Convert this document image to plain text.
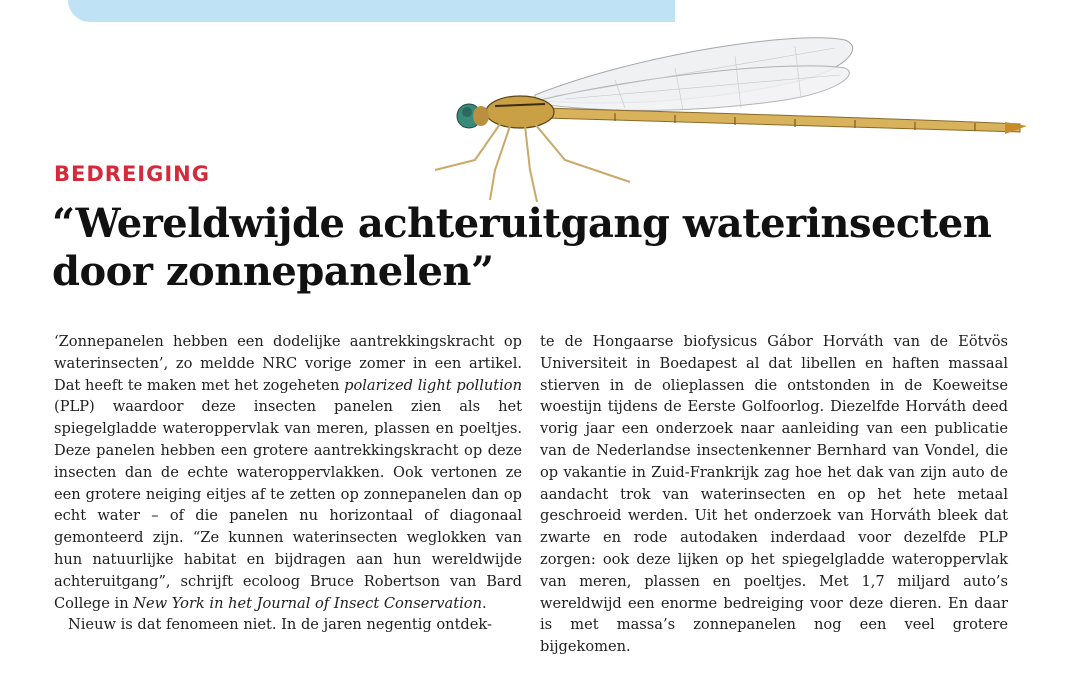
BEDREIGING
“Wereldwijde achteruitgang waterinsecten
door zonnepanelen”

‘Zonnepanelen hebben een dodelijke aantrekkingskracht op waterinsecten’, zo meldde NRC vorige zomer in een artikel. Dat heeft te maken met het zogeheten polarized light pollution (PLP) waardoor deze insecten panelen zien als het spiegelgladde wateroppervlak van meren, plassen en poeltjes. Deze panelen hebben een grotere aantrekkingskracht op deze insecten dan de echte wateroppervlakken. Ook vertonen ze een grotere neiging eitjes af te zetten op zonnepanelen dan op echt water – of die panelen nu horizontaal of diagonaal gemonteerd zijn. “Ze kunnen waterinsecten weglokken van hun natuurlijke habitat en bijdragen aan hun wereldwijde achteruitgang”, schrijft ecoloog Bruce Robertson van Bard College in New York in het Journal of Insect Conservation.

Nieuw is dat fenomeen niet. In de jaren negentig ontdek-

te de Hongaarse biofysicus Gábor Horváth van de Eötvös Universiteit in Boedapest al dat libellen en haften massaal stierven in de olieplassen die ontstonden in de Koeweitse woestijn tijdens de Eerste Golfoorlog. Diezelfde Horváth deed vorig jaar een onderzoek naar aanleiding van een publicatie van de Nederlandse insectenkenner Bernhard van Vondel, die op vakantie in Zuid-Frankrijk zag hoe het dak van zijn auto de aandacht trok van waterinsecten en op het hete metaal geschroeid werden. Uit het onderzoek van Horváth bleek dat zwarte en rode autodaken inderdaad voor dezelfde PLP zorgen: ook deze lijken op het spiegelgladde wateroppervlak van meren, plassen en poeltjes. Met 1,7 miljard auto’s wereldwijd een enorme bedreiging voor deze dieren. En daar is met massa’s zonnepanelen nog een veel grotere bijgekomen.
